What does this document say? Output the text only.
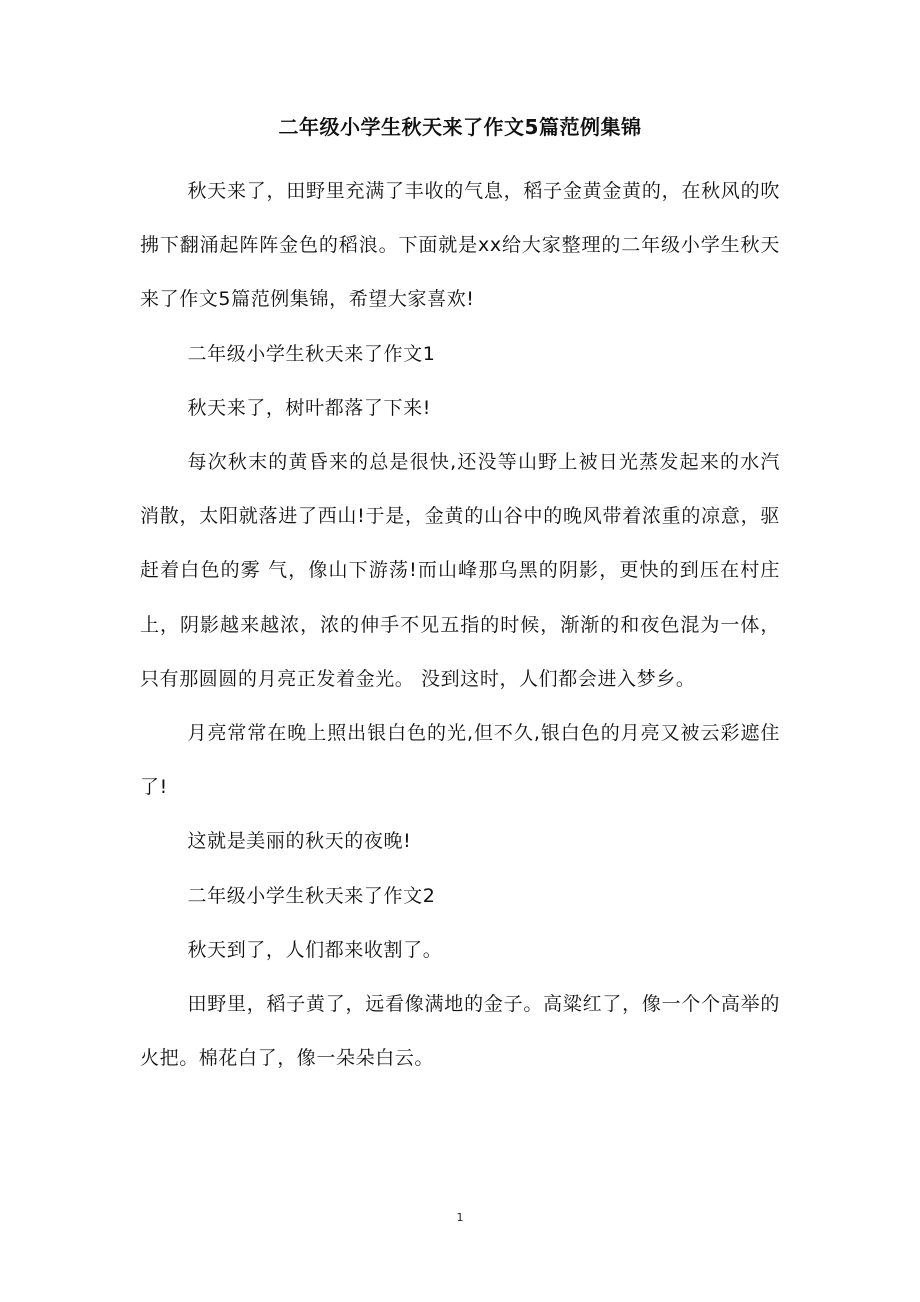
二年级小学生秋天来了作文5篇范例集锦

秋天来了，田野里充满了丰收的气息，稻子金黄金黄的，在秋风的吹拂下翻涌起阵阵金色的稻浪。下面就是xx给大家整理的二年级小学生秋天来了作文5篇范例集锦，希望大家喜欢!

二年级小学生秋天来了作文1

秋天来了，树叶都落了下来!

每次秋末的黄昏来的总是很快,还没等山野上被日光蒸发起来的水汽消散，太阳就落进了西山!于是，金黄的山谷中的晚风带着浓重的凉意，驱赶着白色的雾 气，像山下游荡!而山峰那乌黑的阴影，更快的到压在村庄上，阴影越来越浓，浓的伸手不见五指的时候，渐渐的和夜色混为一体，只有那圆圆的月亮正发着金光。 没到这时，人们都会进入梦乡。

月亮常常在晚上照出银白色的光,但不久,银白色的月亮又被云彩遮住了!

这就是美丽的秋天的夜晚!

二年级小学生秋天来了作文2

秋天到了，人们都来收割了。

田野里，稻子黄了，远看像满地的金子。高粱红了，像一个个高举的火把。棉花白了，像一朵朵白云。

1
